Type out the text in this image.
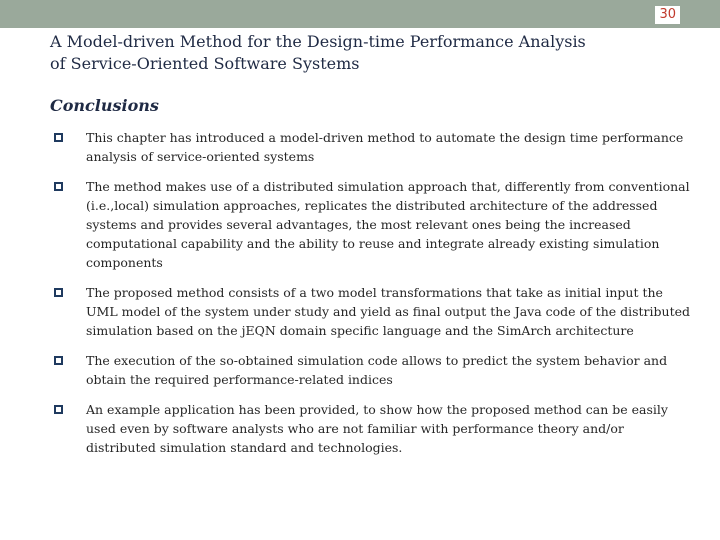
30
A Model-driven Method for the Design-time Performance Analysis
of Service-Oriented Software Systems
Conclusions
This chapter has introduced a model-driven method to automate the design time performance analysis of service-oriented systems
The method makes use of a distributed simulation approach that, differently from conventional (i.e.,local) simulation approaches, replicates the distributed architecture of the addressed systems and provides several advantages, the most relevant ones being the increased computational capability and the ability to reuse and integrate already existing simulation components
The proposed method consists of a two model transformations that take as initial input the UML model of the system under study and yield as final output the Java code of the distributed simulation based on the jEQN domain specific language and the SimArch architecture
The execution of the so-obtained simulation code allows to predict the system behavior and obtain the required performance-related indices
An example application has been provided, to show how the proposed method can be easily used even by software analysts who are not familiar with performance theory and/or distributed simulation standard and technologies.
